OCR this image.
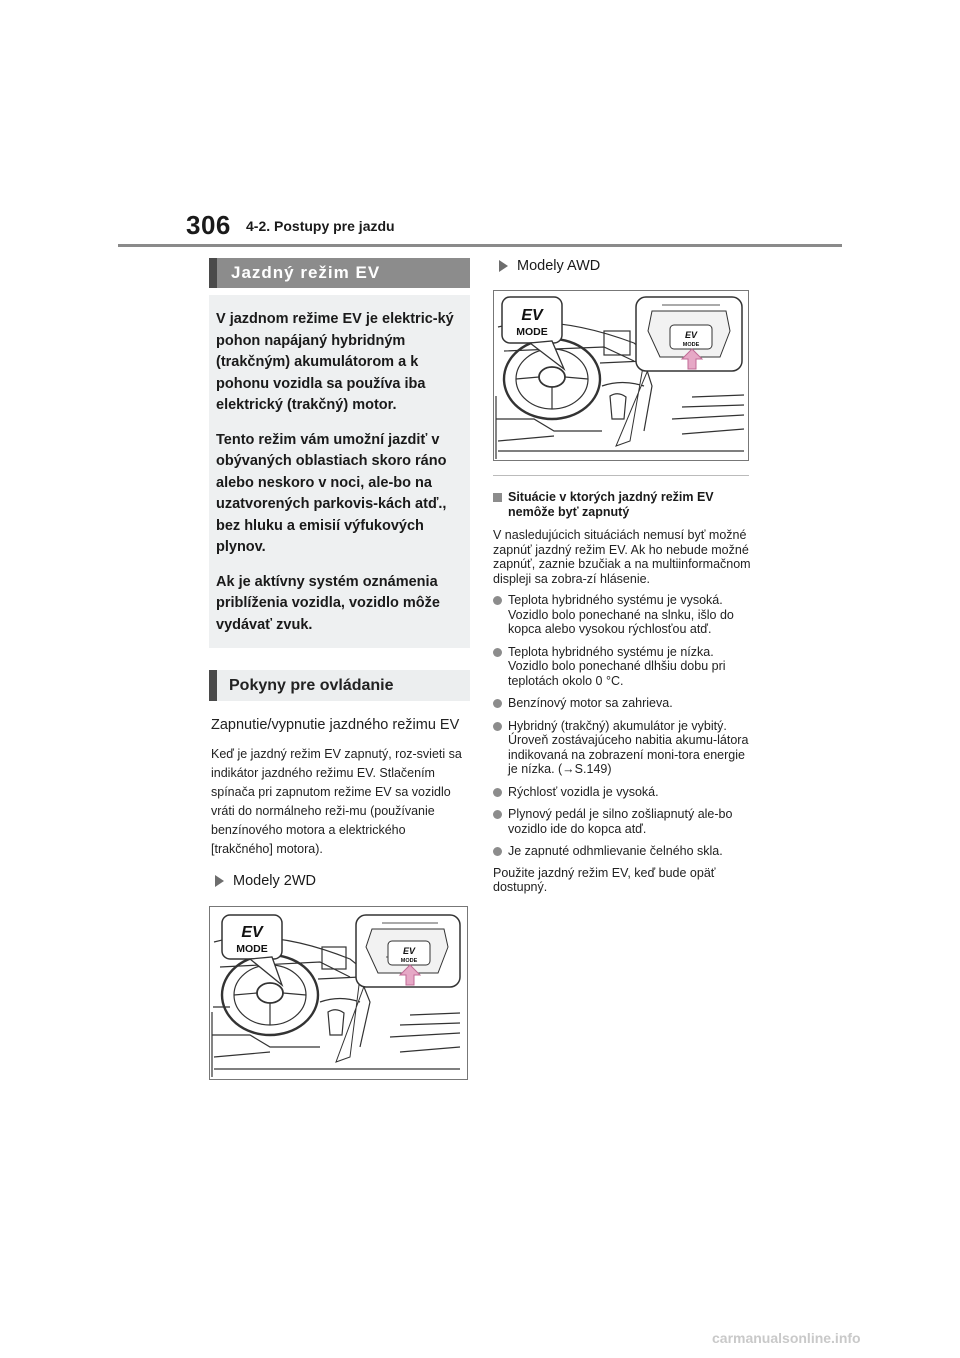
306 4-2. Postupy pre jazdu
Jazdný režim EV

V jazdnom režime EV je elektric-ký pohon napájaný hybridným (trakčným) akumulátorom a k pohonu vozidla sa používa iba elektrický (trakčný) motor.

Tento režim vám umožní jazdiť v obývaných oblastiach skoro ráno alebo neskoro v noci, ale-bo na uzatvorených parkovis-kách atď., bez hluku a emisií výfukových plynov.

Ak je aktívny systém oznámenia priblíženia vozidla, vozidlo môže vydávať zvuk.

Pokyny pre ovládanie
Zapnutie/vypnutie jazdného režimu EV
Keď je jazdný režim EV zapnutý, roz-svieti sa indikátor jazdného režimu EV. Stlačením spínača pri zapnutom režime EV sa vozidlo vráti do normálneho reži-mu (používanie benzínového motora a elektrického [trakčného] motora).
Modely 2WD
EV
MODE	EV
MODE
Modely AWD
EV
MODE	EV
MODE
Situácie v ktorých jazdný režim EV nemôže byť zapnutý
V nasledujúcich situáciách nemusí byť možné zapnúť jazdný režim EV. Ak ho nebude možné zapnúť, zaznie bzučiak a na multiinformačnom displeji sa zobra-zí hlásenie.
Teplota hybridného systému je vysoká. Vozidlo bolo ponechané na slnku, išlo do kopca alebo vysokou rýchlosťou atď.
Teplota hybridného systému je nízka. Vozidlo bolo ponechané dlhšiu dobu pri teplotách okolo 0 °C.
Benzínový motor sa zahrieva.
Hybridný (trakčný) akumulátor je vybitý. Úroveň zostávajúceho nabitia akumu-látora indikovaná na zobrazení moni-tora energie je nízka. (→S.149)
Rýchlosť vozidla je vysoká.
Plynový pedál je silno zošliapnutý ale-bo vozidlo ide do kopca atď.
Je zapnuté odhmlievanie čelného skla.
Použite jazdný režim EV, keď bude opäť dostupný.
carmanualsonline.info
